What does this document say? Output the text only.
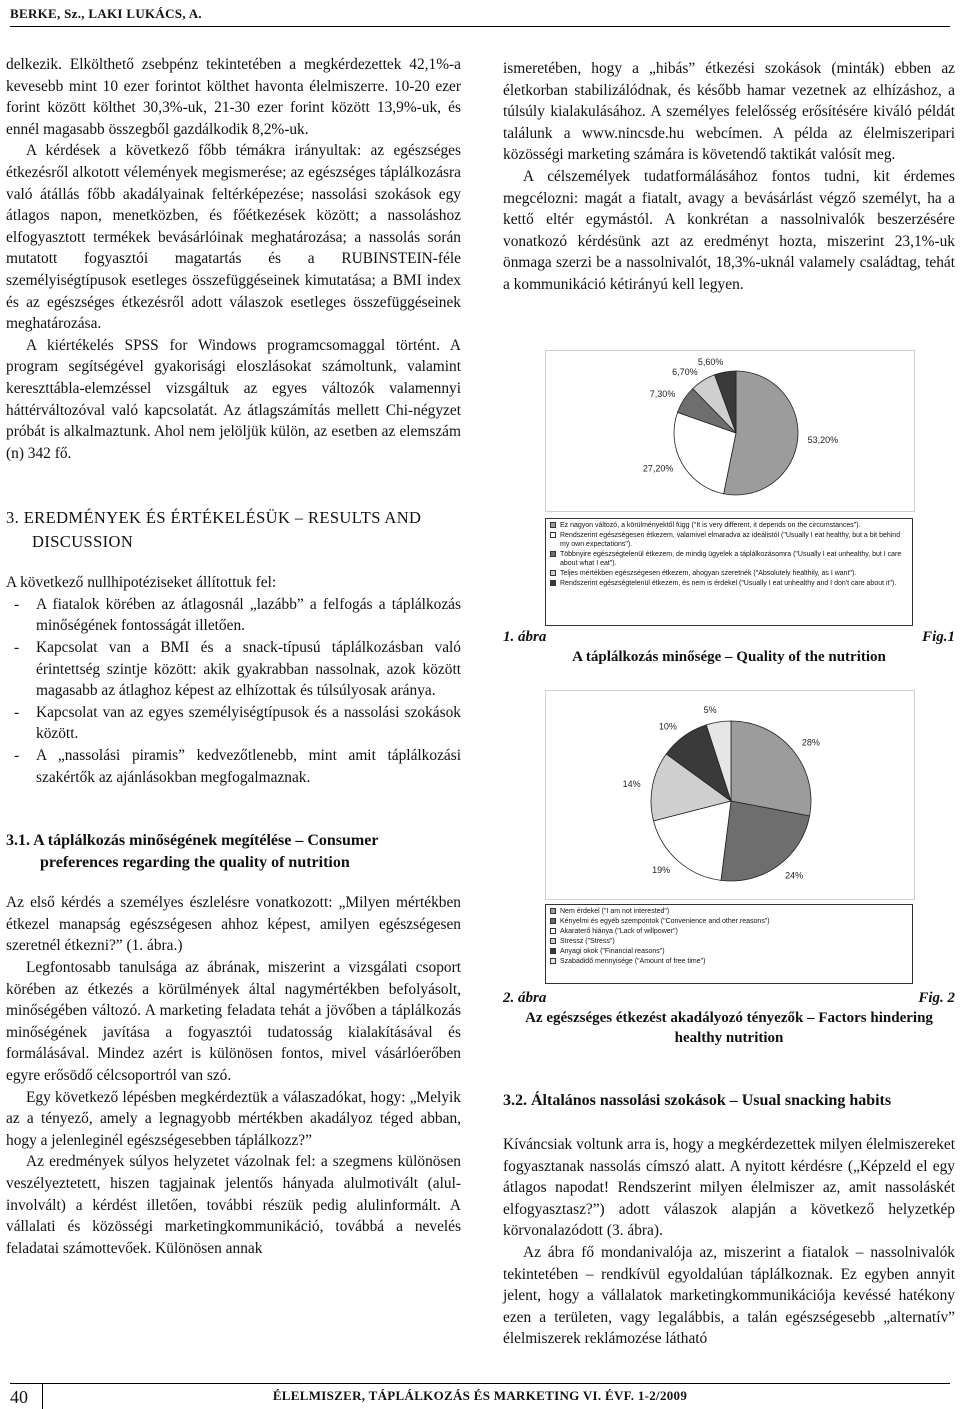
BERKE, Sz., LAKI LUKÁCS, A.

delkezik. Elkölthető zsebpénz tekintetében a megkérdezettek 42,1%-a kevesebb mint 10 ezer forintot költhet havonta élelmiszerre. 10-20 ezer forint között költhet 30,3%-uk, 21-30 ezer forint között 13,9%-uk, és ennél magasabb összegből gazdálkodik 8,2%-uk.

A kérdések a következő főbb témákra irányultak: az egészséges étkezésről alkotott vélemények megismerése; az egészséges táplálkozásra való átállás főbb akadályainak feltérképezése; nassolási szokások egy átlagos napon, menetközben, és főétkezések között; a nassoláshoz elfogyasztott termékek bevásárlóinak meghatározása; a nassolás során mutatott fogyasztói magatartás és a RUBINSTEIN-féle személyiségtípusok esetleges összefüggéseinek kimutatása; a BMI index és az egészséges étkezésről adott válaszok esetleges összefüggéseinek meghatározása.

A kiértékelés SPSS for Windows programcsomaggal történt. A program segítségével gyakorisági eloszlásokat számoltunk, valamint kereszttábla-elemzéssel vizsgáltuk az egyes változók valamennyi háttérváltozóval való kapcsolatát. Az átlagszámítás mellett Chi-négyzet próbát is alkalmaztunk. Ahol nem jelöljük külön, az esetben az elemszám (n) 342 fő.

3. EREDMÉNYEK ÉS ÉRTÉKELÉSÜK – RESULTS AND
DISCUSSION

A következő nullhipotéziseket állítottuk fel:

- A fiatalok körében az átlagosnál „lazább” a felfogás a táplálkozás minőségének fontosságát illetően.
- Kapcsolat van a BMI és a snack-típusú táplálkozásban való érintettség szintje között: akik gyakrabban nassolnak, azok között magasabb az átlaghoz képest az elhízottak és túlsúlyosak aránya.
- Kapcsolat van az egyes személyiségtípusok és a nassolási szokások között.
- A „nassolási piramis” kedvezőtlenebb, mint amit táplálkozási szakértők az ajánlásokban megfogalmaznak.
3.1. A táplálkozás minőségének megítélése – Consumer
preferences regarding the quality of nutrition

Az első kérdés a személyes észlelésre vonatkozott: „Milyen mértékben étkezel manapság egészségesen ahhoz képest, amilyen egészségesen szeretnél étkezni?” (1. ábra.)

Legfontosabb tanulsága az ábrának, miszerint a vizsgálati csoport körében az étkezés a körülmények által nagymértékben befolyásolt, minőségében változó. A marketing feladata tehát a jövőben a táplálkozás minőségének javítása a fogyasztói tudatosság kialakításával és formálásával. Mindez azért is különösen fontos, mivel vásárlóerőben egyre erősödő célcsoportról van szó.

Egy következő lépésben megkérdeztük a válaszadókat, hogy: „Melyik az a tényező, amely a legnagyobb mértékben akadályoz téged abban, hogy a jelenleginél egészségesebben táplálkozz?”

Az eredmények súlyos helyzetet vázolnak fel: a szegmens különösen veszélyeztetett, hiszen tagjainak jelentős hányada alulmotivált (alul-involvált) a kérdést illetően, további részük pedig alulinformált. A vállalati és közösségi marketingkommunikáció, továbbá a nevelés feladatai számottevőek. Különösen annak

ismeretében, hogy a „hibás” étkezési szokások (minták) ebben az életkorban stabilizálódnak, és később hamar vezetnek az elhízáshoz, a túlsúly kialakulásához. A személyes felelősség erősítésére kiváló példát találunk a www.nincsde.hu webcímen. A példa az élelmiszeripari közösségi marketing számára is követendő taktikát valósít meg.

A célszemélyek tudatformálásához fontos tudni, kit érdemes megcélozni: magát a fiatalt, avagy a bevásárlást végző személyt, ha a kettő eltér egymástól. A konkrétan a nassolnivalók beszerzésére vonatkozó kérdésünk azt az eredményt hozta, miszerint 23,1%-uk önmaga szerzi be a nassolnivalót, 18,3%-uknál valamely családtag, tehát a kommunikáció kétirányú kell legyen.

53,20%
27,20%
7,30%
6,70%
5,60%
Ez nagyon változó, a körülményektől függ ("It is very different, it depends on the circumstances").
Rendszerint egészségesen étkezem, valamivel elmaradva az ideálistól ("Usually I eat healthy, but a bit behind my own expectations").
Többnyire egészségtelenül étkezem, de mindig ügyelek a táplálkozásomra ("Usually I eat unhealthy, but I care about what I eat").
Teljes mértékben egészségesen étkezem, ahogyan szeretnék ("Absolutely healthily, as I want").
Rendszerint egészségtelenül étkezem, és nem is érdekel ("Usually I eat unhealthy and I don't care about it").
1. ábra	Fig.1
A táplálkozás minősége – Quality of the nutrition
28%
24%
19%
14%
10%
5%
Nem érdekel ("I am not interested")
Kényelmi és egyéb szempontok ("Convenience and other reasons")
Akaraterő hiánya ("Lack of willpower")
Stressz ("Stress")
Anyagi okok ("Financial reasons")
Szabadidő mennyisége ("Amount of free time")
2. ábra	Fig. 2
Az egészséges étkezést akadályozó tényezők – Factors hindering
healthy nutrition
3.2. Általános nassolási szokások – Usual snacking habits

Kíváncsiak voltunk arra is, hogy a megkérdezettek milyen élelmiszereket fogyasztanak nassolás címszó alatt. A nyitott kérdésre („Képzeld el egy átlagos napodat! Rendszerint milyen élelmiszer az, amit nassoláskét elfogyasztasz?”) adott válaszok alapján a következő helyzetkép körvonalazódott (3. ábra).

Az ábra fő mondanivalója az, miszerint a fiatalok – nassolnivalók tekintetében – rendkívül egyoldalúan táplálkoznak. Ez egyben annyit jelent, hogy a vállalatok marketingkommunikációja kevéssé hatékony ezen a területen, vagy legalábbis, a talán egészségesebb „alternatív” élelmiszerek reklámozése látható

40	ÉLELMISZER, TÁPLÁLKOZÁS ÉS MARKETING VI. ÉVF. 1-2/2009
